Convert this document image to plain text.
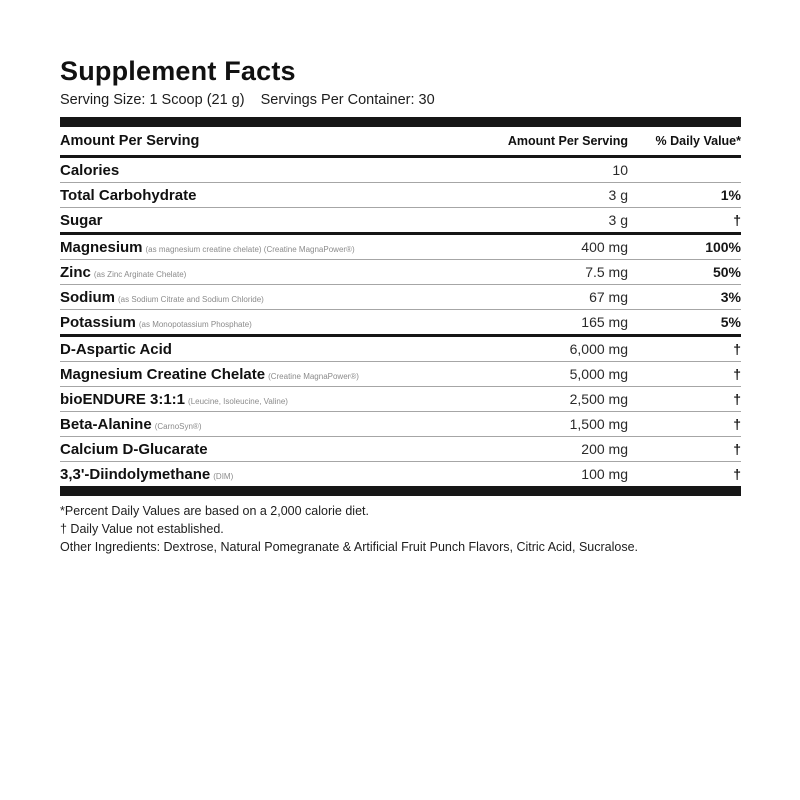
Supplement Facts
Serving Size: 1 Scoop (21 g) Servings Per Container: 30
Amount Per Serving	Amount Per Serving	% Daily Value*
Calories	10
Total Carbohydrate	3 g	1%
Sugar	3 g	†
Magnesium (as magnesium creatine chelate) (Creatine MagnaPower®)	400 mg	100%
Zinc (as Zinc Arginate Chelate)	7.5 mg	50%
Sodium (as Sodium Citrate and Sodium Chloride)	67 mg	3%
Potassium (as Monopotassium Phosphate)	165 mg	5%
D-Aspartic Acid	6,000 mg	†
Magnesium Creatine Chelate (Creatine MagnaPower®)	5,000 mg	†
bioENDURE 3:1:1 (Leucine, Isoleucine, Valine)	2,500 mg	†
Beta-Alanine (CarnoSyn®)	1,500 mg	†
Calcium D-Glucarate	200 mg	†
3,3'-Diindolymethane (DIM)	100 mg	†
*Percent Daily Values are based on a 2,000 calorie diet.
† Daily Value not established.
Other Ingredients: Dextrose, Natural Pomegranate & Artificial Fruit Punch Flavors, Citric Acid, Sucralose.
